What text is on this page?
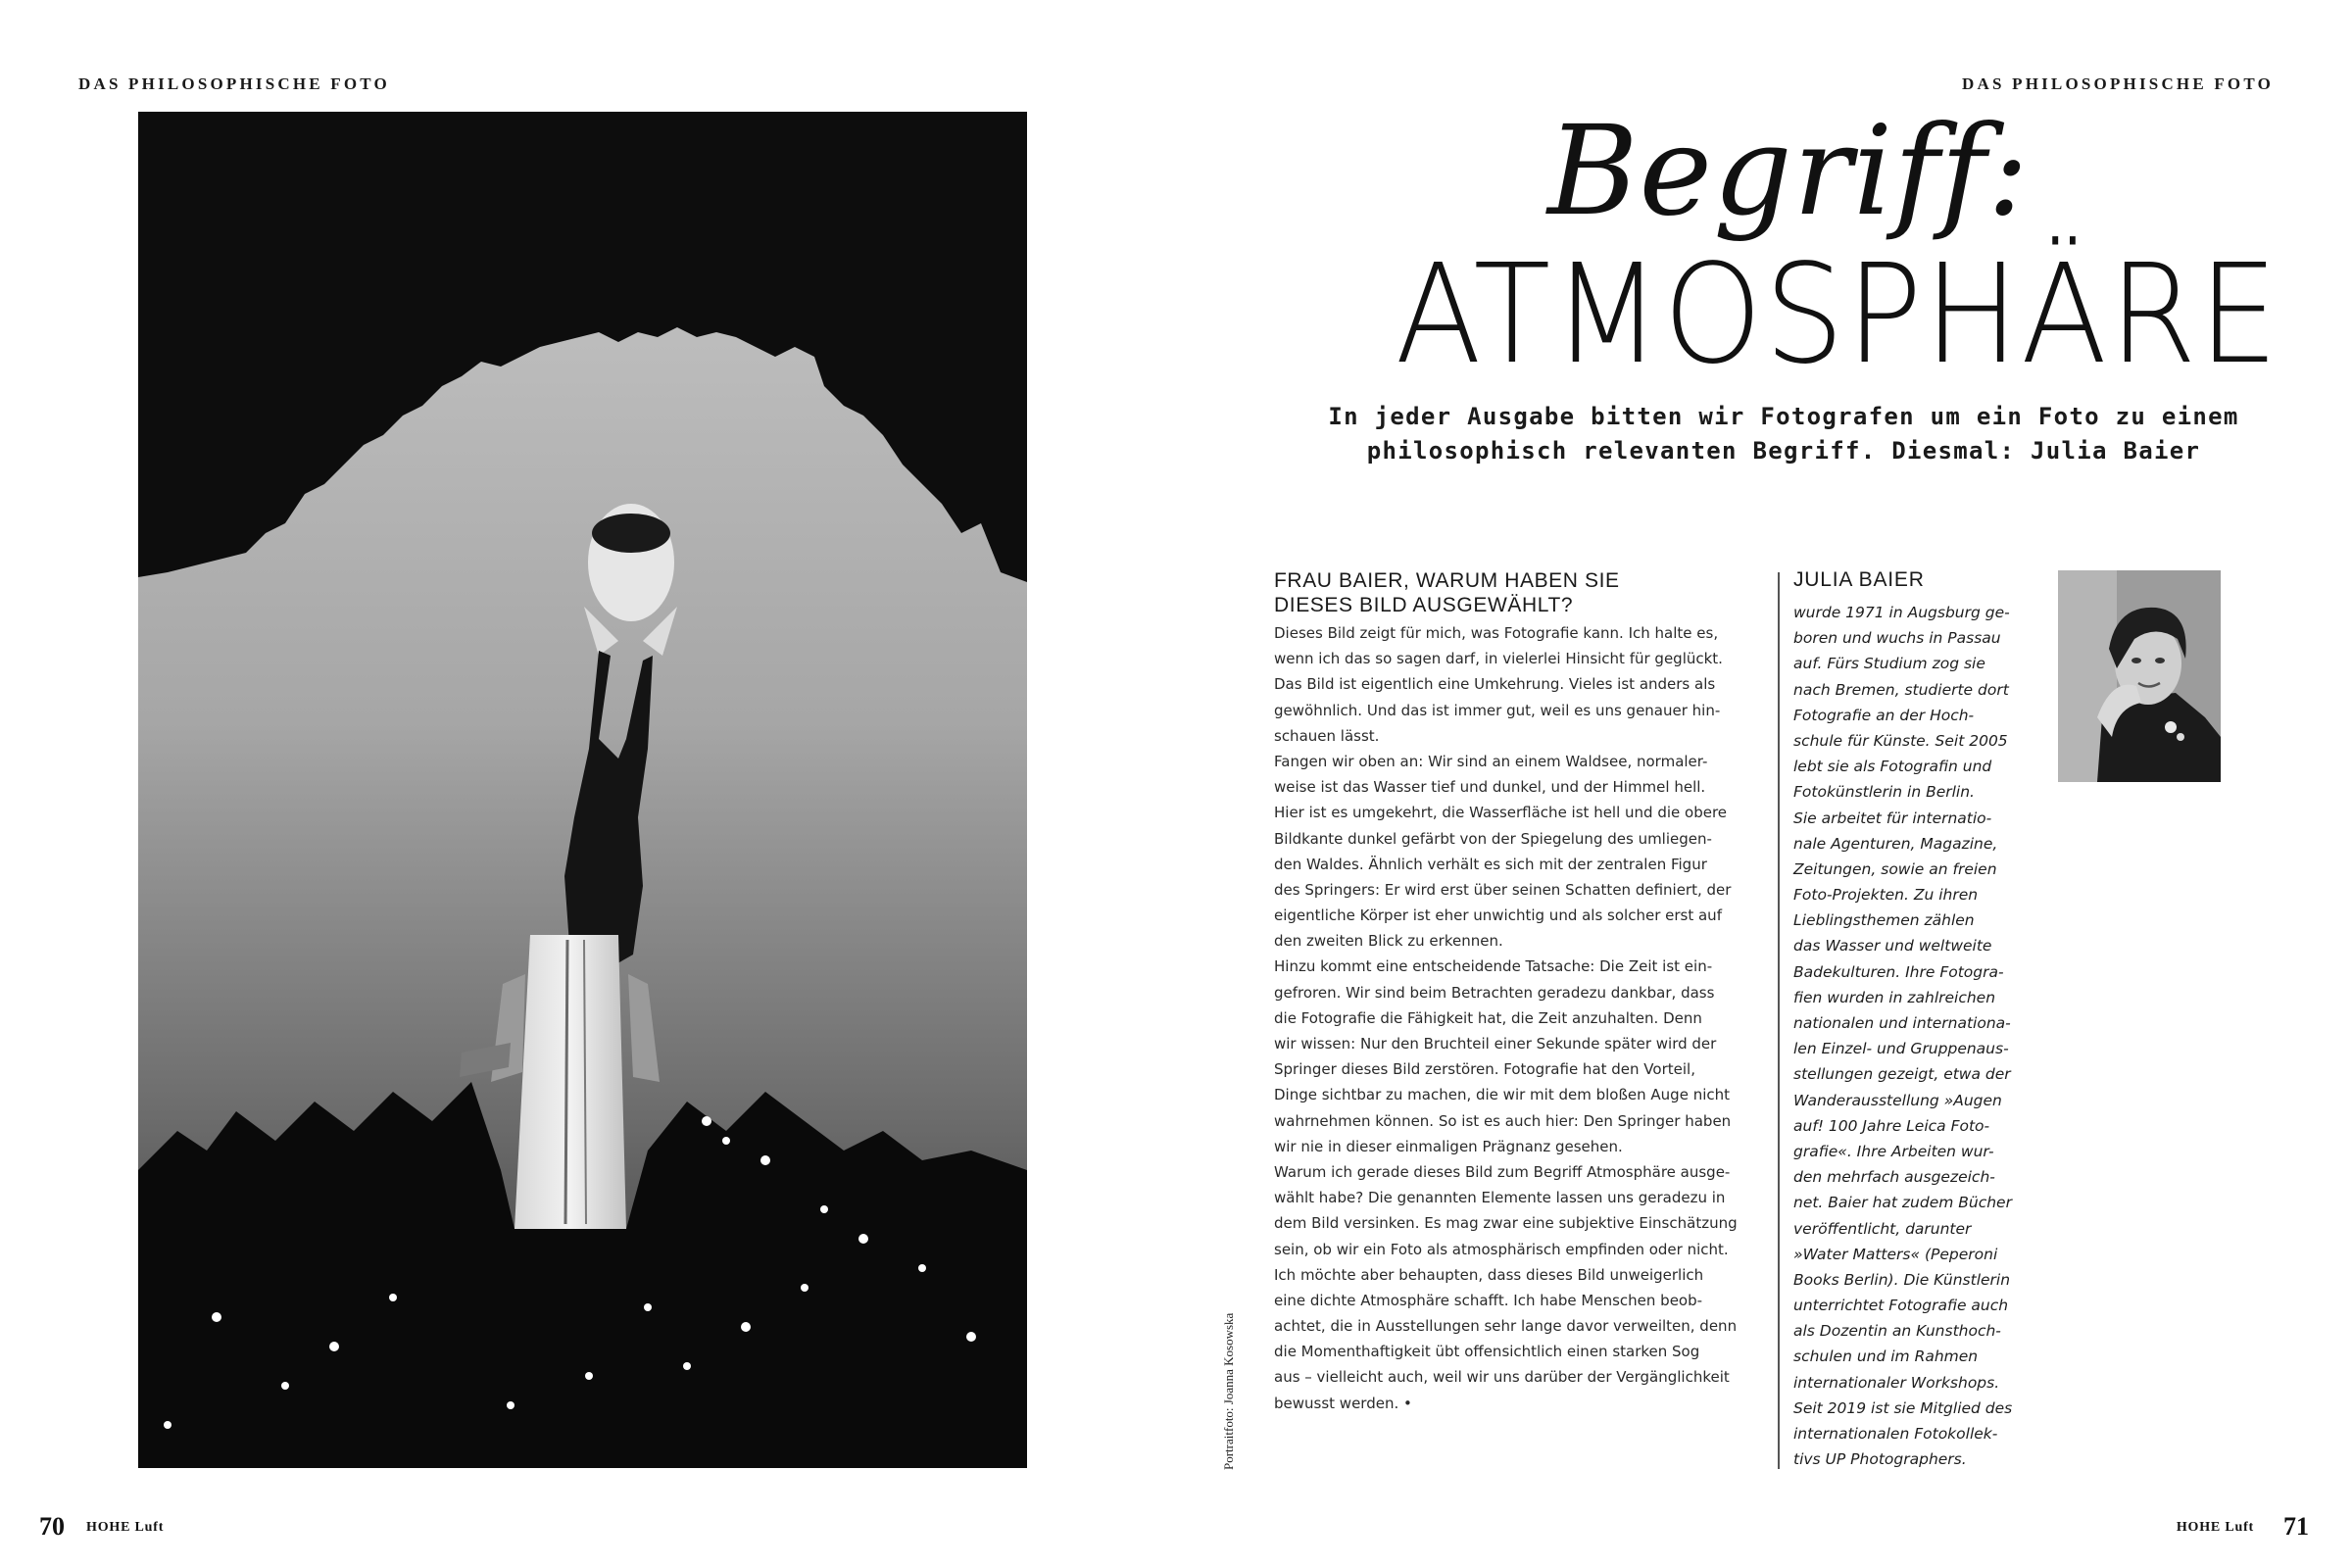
DAS PHILOSOPHISCHE FOTO	DAS PHILOSOPHISCHE FOTO
Portraitfoto: Joanna Kosowska
Begriff:
ATMOSPHÄRE
In jeder Ausgabe bitten wir Fotografen um ein Foto zu einem
philosophisch relevanten Begriff. Diesmal: Julia Baier
FRAU BAIER, WARUM HABEN SIE
DIESES BILD AUSGEWÄHLT?
Dieses Bild zeigt für mich, was Fotografie kann. Ich halte es,
wenn ich das so sagen darf, in vielerlei Hinsicht für geglückt.
Das Bild ist eigentlich eine Umkehrung. Vieles ist anders als
gewöhnlich. Und das ist immer gut, weil es uns genauer hin-
schauen lässt.
Fangen wir oben an: Wir sind an einem Waldsee, normaler-
weise ist das Wasser tief und dunkel, und der Himmel hell.
Hier ist es umgekehrt, die Wasserfläche ist hell und die obere
Bildkante dunkel gefärbt von der Spiegelung des umliegen-
den Waldes. Ähnlich verhält es sich mit der zentralen Figur
des Springers: Er wird erst über seinen Schatten definiert, der
eigentliche Körper ist eher unwichtig und als solcher erst auf
den zweiten Blick zu erkennen.
Hinzu kommt eine entscheidende Tatsache: Die Zeit ist ein-
gefroren. Wir sind beim Betrachten geradezu dankbar, dass
die Fotografie die Fähigkeit hat, die Zeit anzuhalten. Denn
wir wissen: Nur den Bruchteil einer Sekunde später wird der
Springer dieses Bild zerstören. Fotografie hat den Vorteil,
Dinge sichtbar zu machen, die wir mit dem bloßen Auge nicht
wahrnehmen können. So ist es auch hier: Den Springer haben
wir nie in dieser einmaligen Prägnanz gesehen.
Warum ich gerade dieses Bild zum Begriff Atmosphäre ausge-
wählt habe? Die genannten Elemente lassen uns geradezu in
dem Bild versinken. Es mag zwar eine subjektive Einschätzung
sein, ob wir ein Foto als atmosphärisch empfinden oder nicht.
Ich möchte aber behaupten, dass dieses Bild unweigerlich
eine dichte Atmosphäre schafft. Ich habe Menschen beob-
achtet, die in Ausstellungen sehr lange davor verweilten, denn
die Momenthaftigkeit übt offensichtlich einen starken Sog
aus – vielleicht auch, weil wir uns darüber der Vergänglichkeit
bewusst werden. •
JULIA BAIER
wurde 1971 in Augsburg ge-
boren und wuchs in Passau
auf. Fürs Studium zog sie
nach Bremen, studierte dort
Fotografie an der Hoch-
schule für Künste. Seit 2005
lebt sie als Fotografin und
Fotokünstlerin in Berlin.
Sie arbeitet für internatio-
nale Agenturen, Magazine,
Zeitungen, sowie an freien
Foto-Projekten. Zu ihren
Lieblingsthemen zählen
das Wasser und weltweite
Badekulturen. Ihre Fotogra-
fien wurden in zahlreichen
nationalen und internationa-
len Einzel- und Gruppenaus-
stellungen gezeigt, etwa der
Wanderausstellung »Augen
auf! 100 Jahre Leica Foto-
grafie«. Ihre Arbeiten wur-
den mehrfach ausgezeich-
net. Baier hat zudem Bücher
veröffentlicht, darunter
»Water Matters« (Peperoni
Books Berlin). Die Künstlerin
unterrichtet Fotografie auch
als Dozentin an Kunsthoch-
schulen und im Rahmen
internationaler Workshops.
Seit 2019 ist sie Mitglied des
internationalen Fotokollek-
tivs UP Photographers.
70 HOHE Luft	HOHE Luft 71
